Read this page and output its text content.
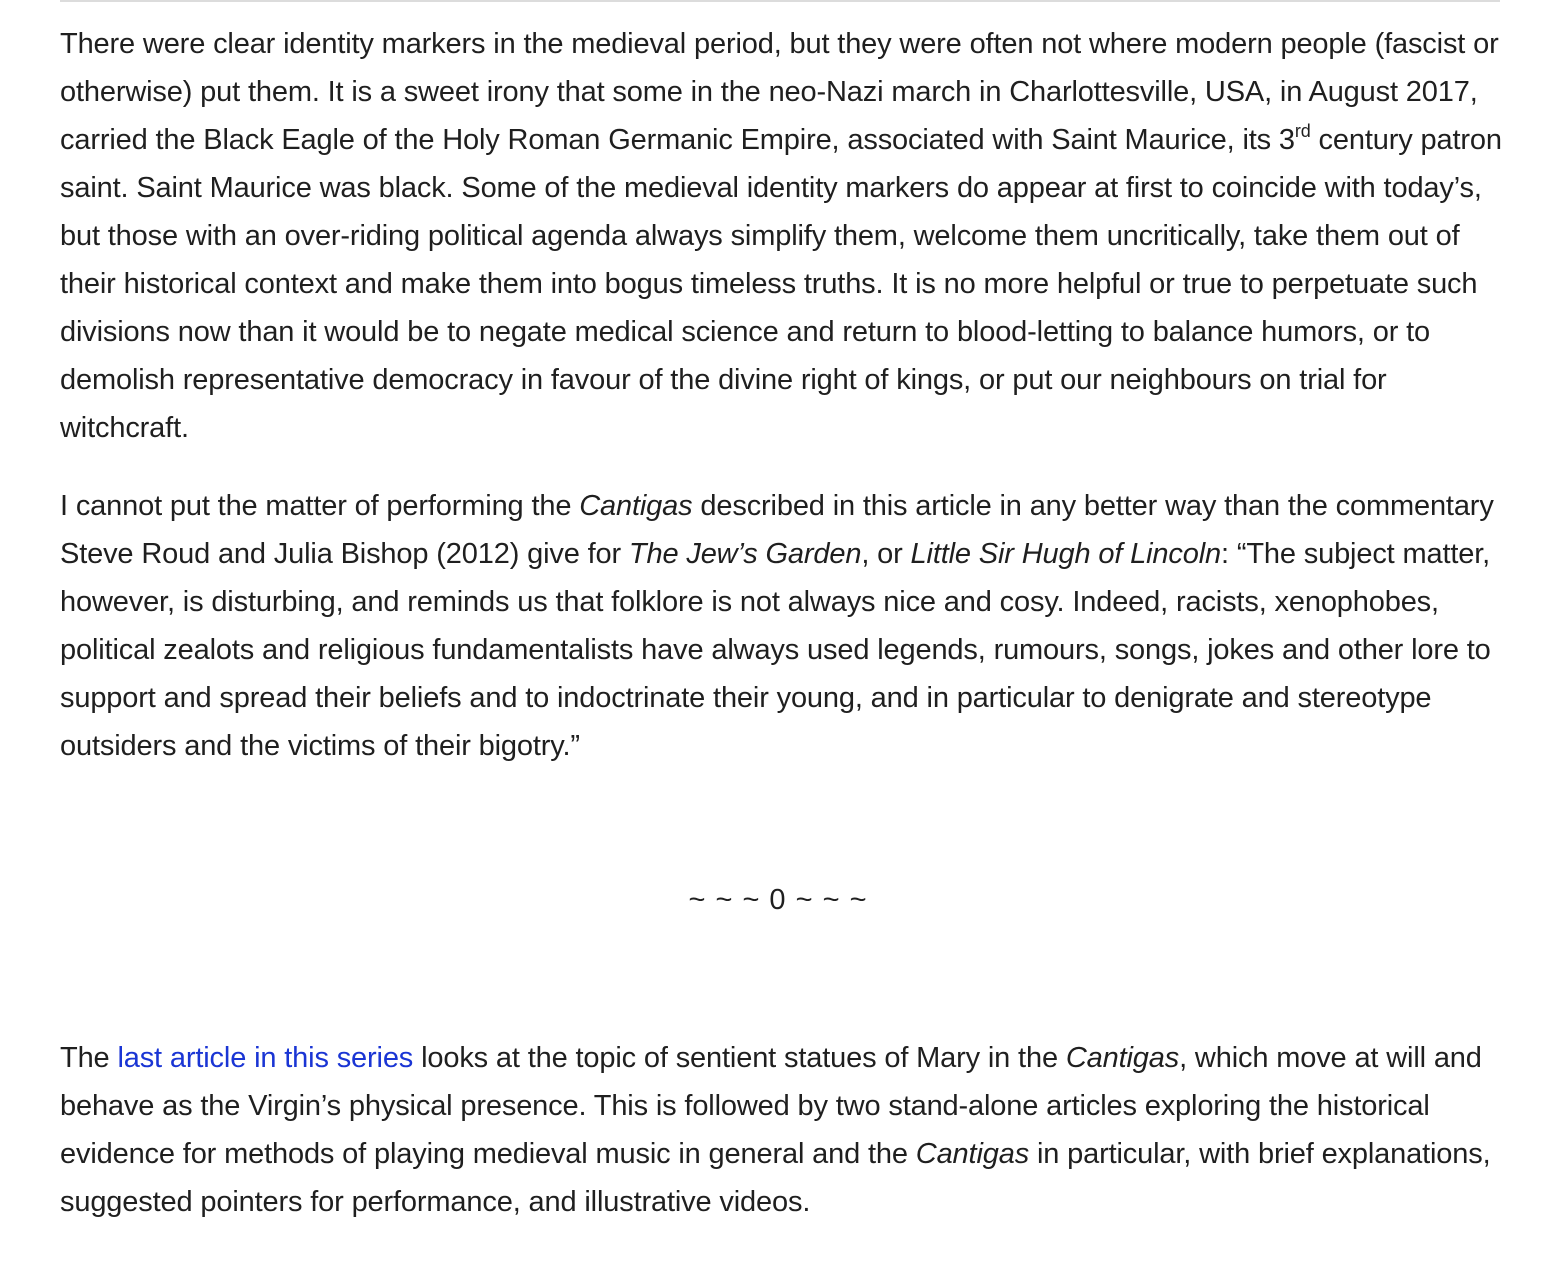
There were clear identity markers in the medieval period, but they were often not where modern people (fascist or otherwise) put them. It is a sweet irony that some in the neo-Nazi march in Charlottesville, USA, in August 2017, carried the Black Eagle of the Holy Roman Germanic Empire, associated with Saint Maurice, its 3rd century patron saint. Saint Maurice was black. Some of the medieval identity markers do appear at first to coincide with today’s, but those with an over-riding political agenda always simplify them, welcome them uncritically, take them out of their historical context and make them into bogus timeless truths. It is no more helpful or true to perpetuate such divisions now than it would be to negate medical science and return to blood-letting to balance humors, or to demolish representative democracy in favour of the divine right of kings, or put our neighbours on trial for witchcraft.

I cannot put the matter of performing the Cantigas described in this article in any better way than the commentary Steve Roud and Julia Bishop (2012) give for The Jew’s Garden, or Little Sir Hugh of Lincoln: “The subject matter, however, is disturbing, and reminds us that folklore is not always nice and cosy. Indeed, racists, xenophobes, political zealots and religious fundamentalists have always used legends, rumours, songs, jokes and other lore to support and spread their beliefs and to indoctrinate their young, and in particular to denigrate and stereotype outsiders and the victims of their bigotry.”

~ ~ ~ 0 ~ ~ ~

The last article in this series looks at the topic of sentient statues of Mary in the Cantigas, which move at will and behave as the Virgin’s physical presence. This is followed by two stand-alone articles exploring the historical evidence for methods of playing medieval music in general and the Cantigas in particular, with brief explanations, suggested pointers for performance, and illustrative videos.
